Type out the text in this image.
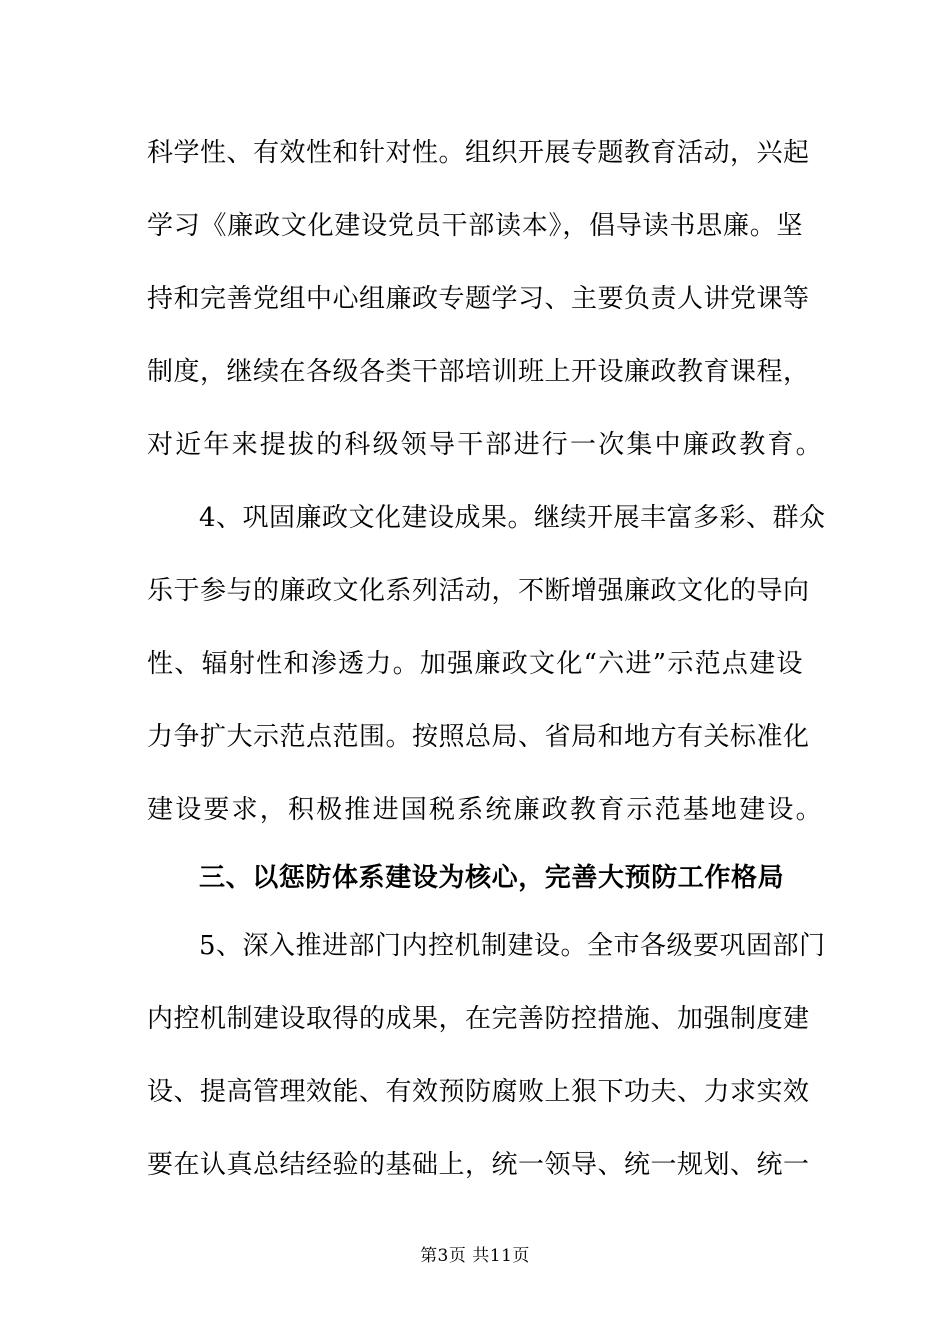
科学性、有效性和针对性。组织开展专题教育活动，兴起
学习《廉政文化建设党员干部读本》，倡导读书思廉。坚
持和完善党组中心组廉政专题学习、主要负责人讲党课等
制度，继续在各级各类干部培训班上开设廉政教育课程，
对近年来提拔的科级领导干部进行一次集中廉政教育。
4、巩固廉政文化建设成果。继续开展丰富多彩、群众
乐于参与的廉政文化系列活动，不断增强廉政文化的导向
性、辐射性和渗透力。加强廉政文化“六进”示范点建设
力争扩大示范点范围。按照总局、省局和地方有关标准化
建设要求，积极推进国税系统廉政教育示范基地建设。
三、以惩防体系建设为核心，完善大预防工作格局
5、深入推进部门内控机制建设。全市各级要巩固部门
内控机制建设取得的成果，在完善防控措施、加强制度建
设、提高管理效能、有效预防腐败上狠下功夫、力求实效
要在认真总结经验的基础上，统一领导、统一规划、统一
第3页 共11页
